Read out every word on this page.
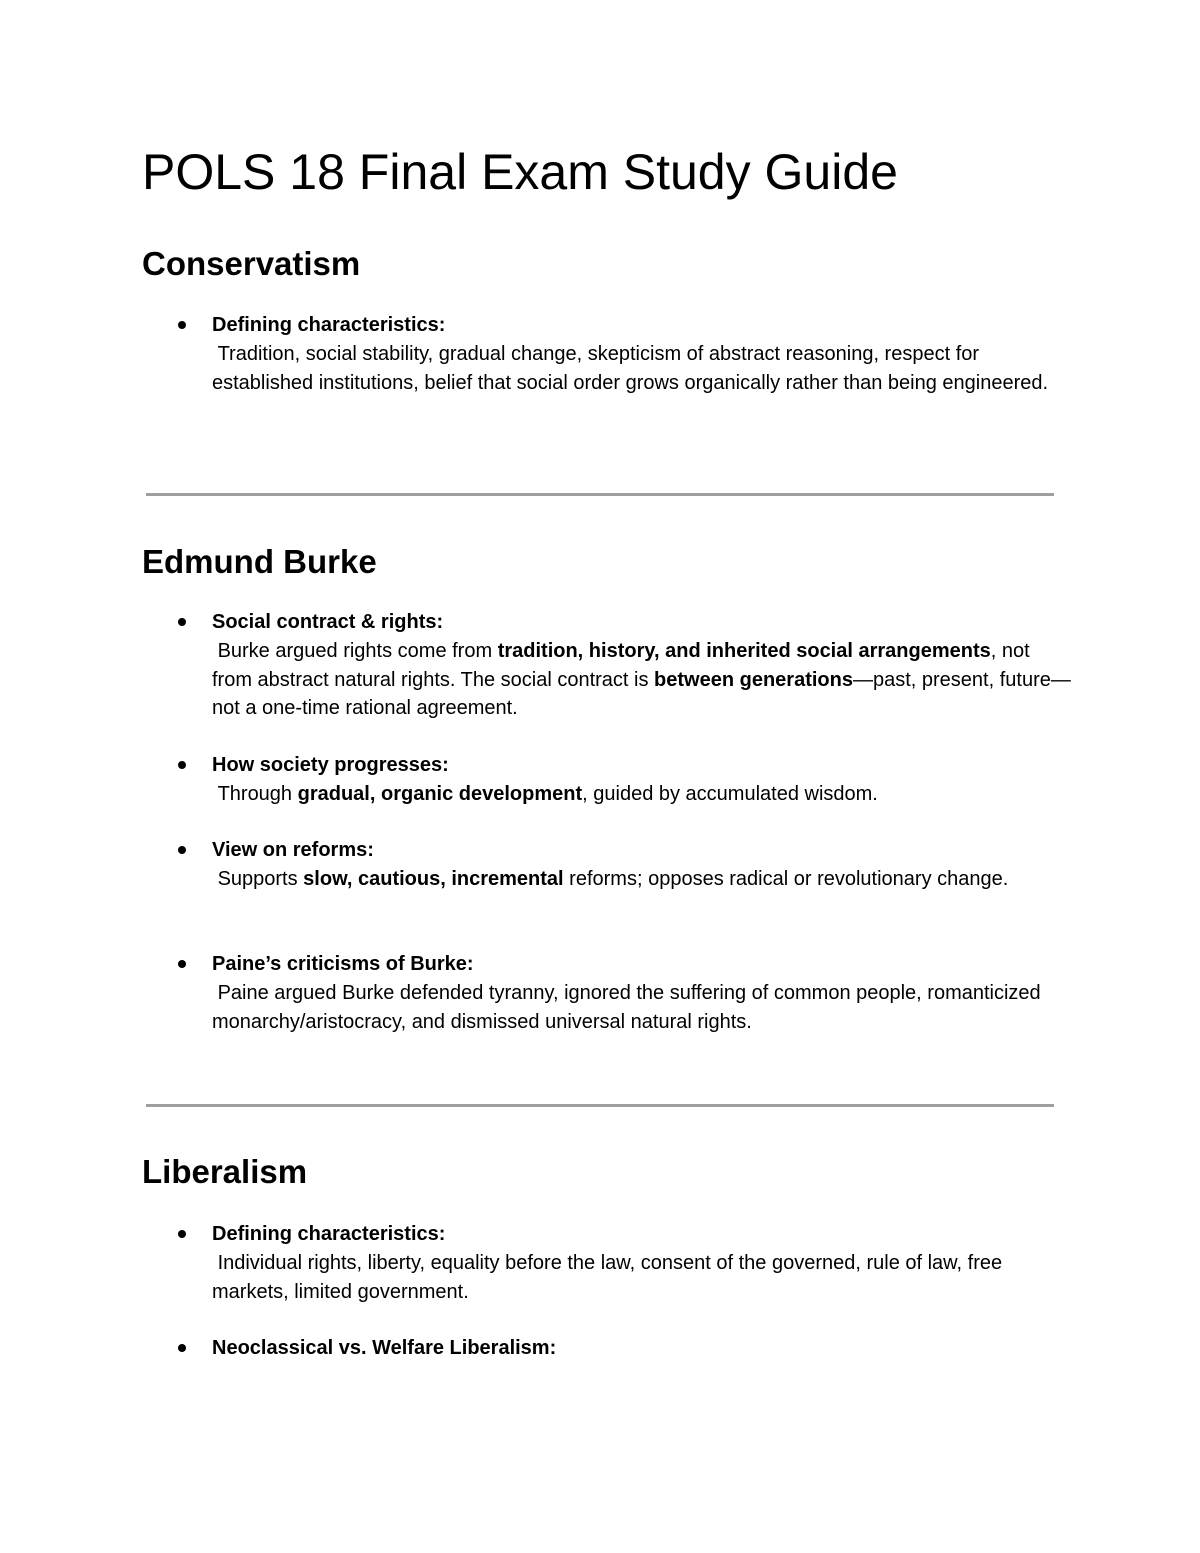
POLS 18 Final Exam Study Guide
Conservatism
Defining characteristics:
Tradition, social stability, gradual change, skepticism of abstract reasoning, respect for established institutions, belief that social order grows organically rather than being engineered.
Edmund Burke
Social contract & rights:
Burke argued rights come from tradition, history, and inherited social arrangements, not from abstract natural rights. The social contract is between generations—past, present, future—not a one-time rational agreement.
How society progresses:
Through gradual, organic development, guided by accumulated wisdom.
View on reforms:
Supports slow, cautious, incremental reforms; opposes radical or revolutionary change.
Paine’s criticisms of Burke:
Paine argued Burke defended tyranny, ignored the suffering of common people, romanticized monarchy/aristocracy, and dismissed universal natural rights.
Liberalism
Defining characteristics:
Individual rights, liberty, equality before the law, consent of the governed, rule of law, free markets, limited government.
Neoclassical vs. Welfare Liberalism:
